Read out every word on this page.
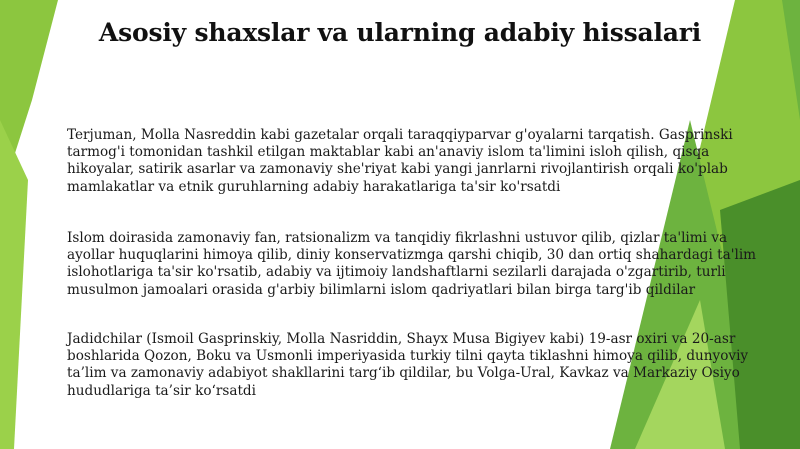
Asosiy shaxslar va ularning adabiy hissalari

Terjuman, Molla Nasreddin kabi gazetalar orqali taraqqiyparvar g'oyalarni tarqatish. Gasprinski tarmog'i tomonidan tashkil etilgan maktablar kabi an'anaviy islom ta'limini isloh qilish, qisqa hikoyalar, satirik asarlar va zamonaviy she'riyat kabi yangi janrlarni rivojlantirish orqali ko'plab mamlakatlar va etnik guruhlarning adabiy harakatlariga ta'sir ko'rsatdi

Islom doirasida zamonaviy fan, ratsionalizm va tanqidiy fikrlashni ustuvor qilib, qizlar ta'limi va ayollar huquqlarini himoya qilib, diniy konservatizmga qarshi chiqib, 30 dan ortiq shahardagi ta'lim islohotlariga ta'sir ko'rsatib, adabiy va ijtimoiy landshaftlarni sezilarli darajada o'zgartirib, turli musulmon jamoalari orasida g'arbiy bilimlarni islom qadriyatlari bilan birga targ'ib qildilar

Jadidchilar (Ismoil Gasprinskiy, Molla Nasriddin, Shayx Musa Bigiyev kabi) 19-asr oxiri va 20-asr boshlarida Qozon, Boku va Usmonli imperiyasida turkiy tilni qayta tiklashni himoya qilib, dunyoviy ta’lim va zamonaviy adabiyot shakllarini targ‘ib qildilar, bu Volga-Ural, Kavkaz va Markaziy Osiyo hududlariga ta’sir ko‘rsatdi
